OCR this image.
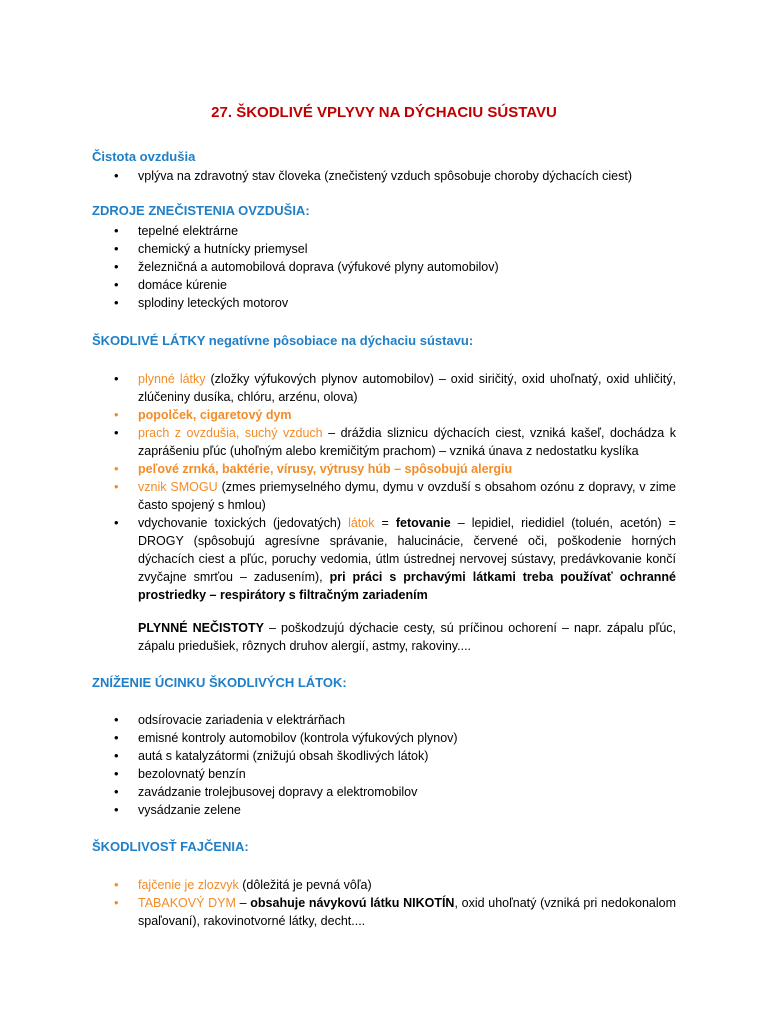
27. ŠKODLIVÉ VPLYVY NA DÝCHACIU SÚSTAVU
Čistota ovzdušia
• vplýva na zdravotný stav človeka (znečistený vzduch spôsobuje choroby dýchacích ciest)
ZDROJE ZNEČISTENIA OVZDUŠIA:
• tepelné elektrárne
• chemický a hutnícky priemysel
• železničná a automobilová doprava (výfukové plyny automobilov)
• domáce kúrenie
• splodiny leteckých motorov
ŠKODLIVÉ LÁTKY negatívne pôsobiace na dýchaciu sústavu:
• plynné látky (zložky výfukových plynov automobilov) – oxid siričitý, oxid uhoľnatý, oxid uhličitý, zlúčeniny dusíka, chlóru, arzénu, olova)
• popolček, cigaretový dym
• prach z ovzdušia, suchý vzduch – dráždia sliznicu dýchacích ciest, vzniká kašeľ, dochádza k zaprášeniu pľúc (uhoľným alebo kremičitým prachom) – vzniká únava z nedostatku kyslíka
• peľové zrnká, baktérie, vírusy, výtrusy húb – spôsobujú alergiu
• vznik SMOGU (zmes priemyselného dymu, dymu v ovzduší s obsahom ozónu z dopravy, v zime často spojený s hmlou)
• vdychovanie toxických (jedovatých) látok = fetovanie – lepidiel, riedidiel (toluén, acetón) = DROGY (spôsobujú agresívne správanie, halucinácie, červené oči, poškodenie horných dýchacích ciest a pľúc, poruchy vedomia, útlm ústrednej nervovej sústavy, predávkovanie končí zvyčajne smrťou – zadusením), pri práci s prchavými látkami treba používať ochranné prostriedky – respirátory s filtračným zariadením

PLYNNÉ NEČISTOTY – poškodzujú dýchacie cesty, sú príčinou ochorení – napr. zápalu pľúc, zápalu priedušiek, rôznych druhov alergií, astmy, rakoviny....

ZNÍŽENIE ÚCINKU ŠKODLIVÝCH LÁTOK:
• odsírovacie zariadenia v elektrárňach
• emisné kontroly automobilov (kontrola výfukových plynov)
• autá s katalyzátormi (znižujú obsah škodlivých látok)
• bezolovnatý benzín
• zavádzanie trolejbusovej dopravy a elektromobilov
• vysádzanie zelene
ŠKODLIVOSŤ FAJČENIA:
• fajčenie je zlozvyk (dôležitá je pevná vôľa)
• TABAKOVÝ DYM – obsahuje návykovú látku NIKOTÍN, oxid uhoľnatý (vzniká pri nedokonalom spaľovaní), rakovinotvorné látky, decht....
